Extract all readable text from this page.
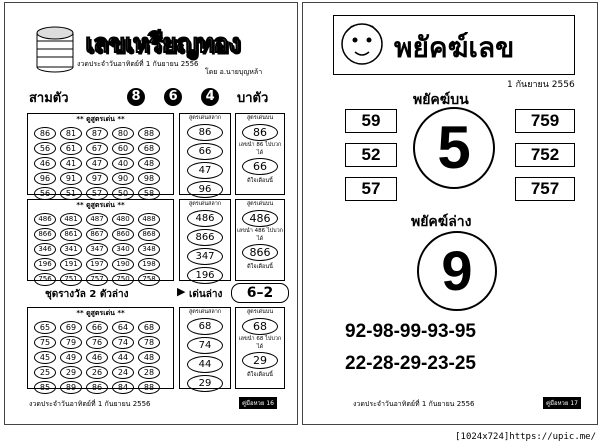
เลขเหรียญทอง
งวดประจำวันอาทิตย์ที่ 1 กันยายน 2556
โดย อ.นายบุญหล้า
สามตัว	8 6 4	บาตัว
** ดูสูตรเด่น **
86	81	87	80	88
56	61	67	60	68
46	41	47	40	48
96	91	97	90	98
56	51	57	50	58
สูตรเด่นสลาก
86
66
47
96
สูตรเด่นบน
86
เลขนำ 86 ไปบวก
ได้
66
ดีใจเดือนนี้
** ดูสูตรเด่น **
486	481	487	480	488
866	861	867	860	868
346	341	347	340	348
196	191	197	190	198
756	751	757	750	758
สูตรเด่นสลาก
486
866
347
196
สูตรเด่นบน
486
เลขนำ 486 ไปบวก
ได้
866
ดีใจเดือนนี้
ชุดรางวัล 2 ตัวล่าง	▶ เด่นล่าง	6–2
** ดูสูตรเด่น **
65	69	66	64	68
75	79	76	74	78
45	49	46	44	48
25	29	26	24	28
85	89	86	84	88
สูตรเด่นสลาก
68
74
44
29
สูตรเด่นบน
68
เลขนำ 68 ไปบวก
ได้
29
ดีใจเดือนนี้
งวดประจำวันอาทิตย์ที่ 1 กันยายน 2556	คู่มือหวย 16
พยัคฆ์เลข
1 กันยายน 2556
พยัคฆ์บน
5
59
52
57
759
752
757
พยัคฆ์ล่าง
9
92-98-99-93-95
22-28-29-23-25
งวดประจำวันอาทิตย์ที่ 1 กันยายน 2556	คู่มือหวย 17
[1024x724]https://upic.me/
